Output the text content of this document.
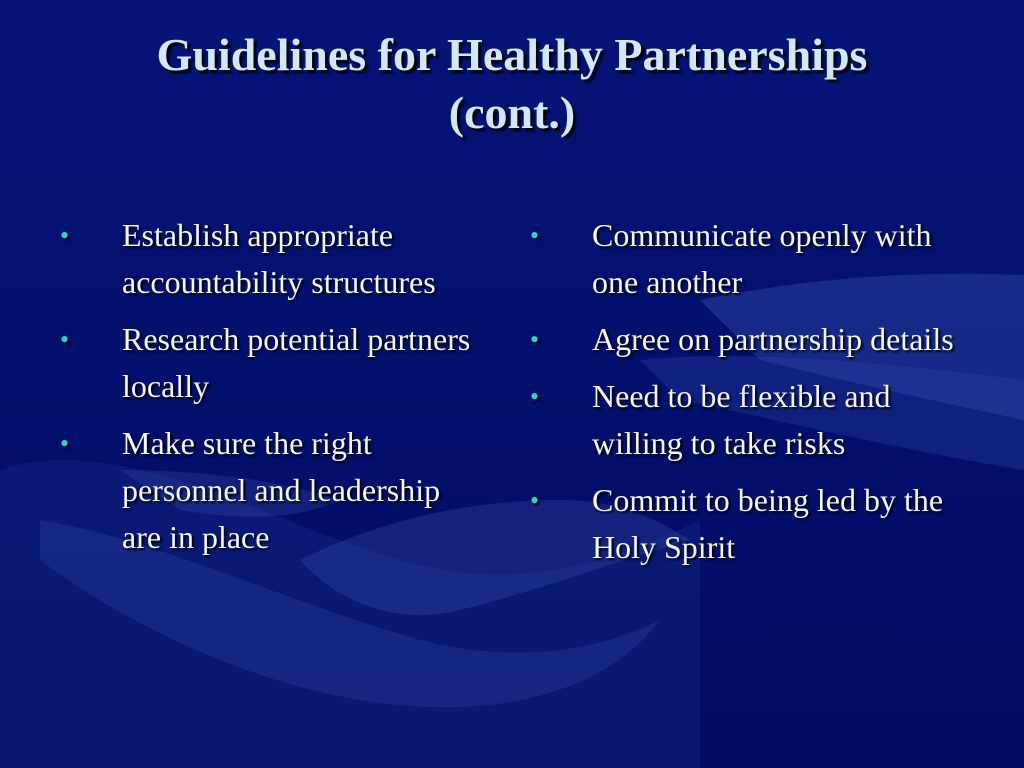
Guidelines for Healthy Partnerships
(cont.)
•	Establish appropriate accountability structures
•	Research potential partners locally
•	Make sure the right personnel and leadership are in place
•	Communicate openly with one another
•	Agree on partnership details
•	Need to be flexible and willing to take risks
•	Commit to being led by the Holy Spirit
